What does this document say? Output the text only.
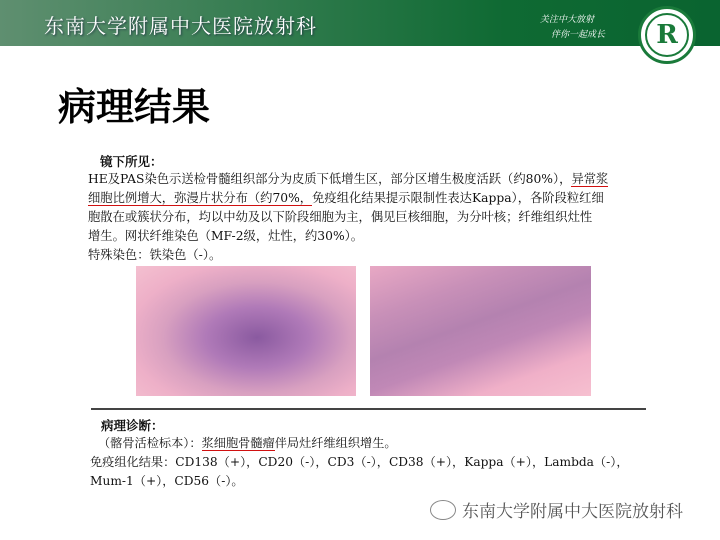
东南大学附属中大医院放射科	关注中大放射
伴你一起成长	R
病理结果
镜下所见：
HE及PAS染色示送检骨髓组织部分为皮质下低增生区，部分区增生极度活跃（约80%），异常浆
细胞比例增大，弥漫片状分布（约70%，免疫组化结果提示限制性表达Kappa），各阶段粒红细
胞散在或簇状分布，均以中幼及以下阶段细胞为主，偶见巨核细胞，为分叶核；纤维组织灶性
增生。网状纤维染色（MF-2级，灶性，约30%）。
特殊染色：铁染色（-）。
病理诊断：
（髂骨活检标本）：浆细胞骨髓瘤伴局灶纤维组织增生。
免疫组化结果：CD138（+），CD20（-），CD3（-），CD38（+），Kappa（+），Lambda（-），
Mum-1（+），CD56（-）。
东南大学附属中大医院放射科
